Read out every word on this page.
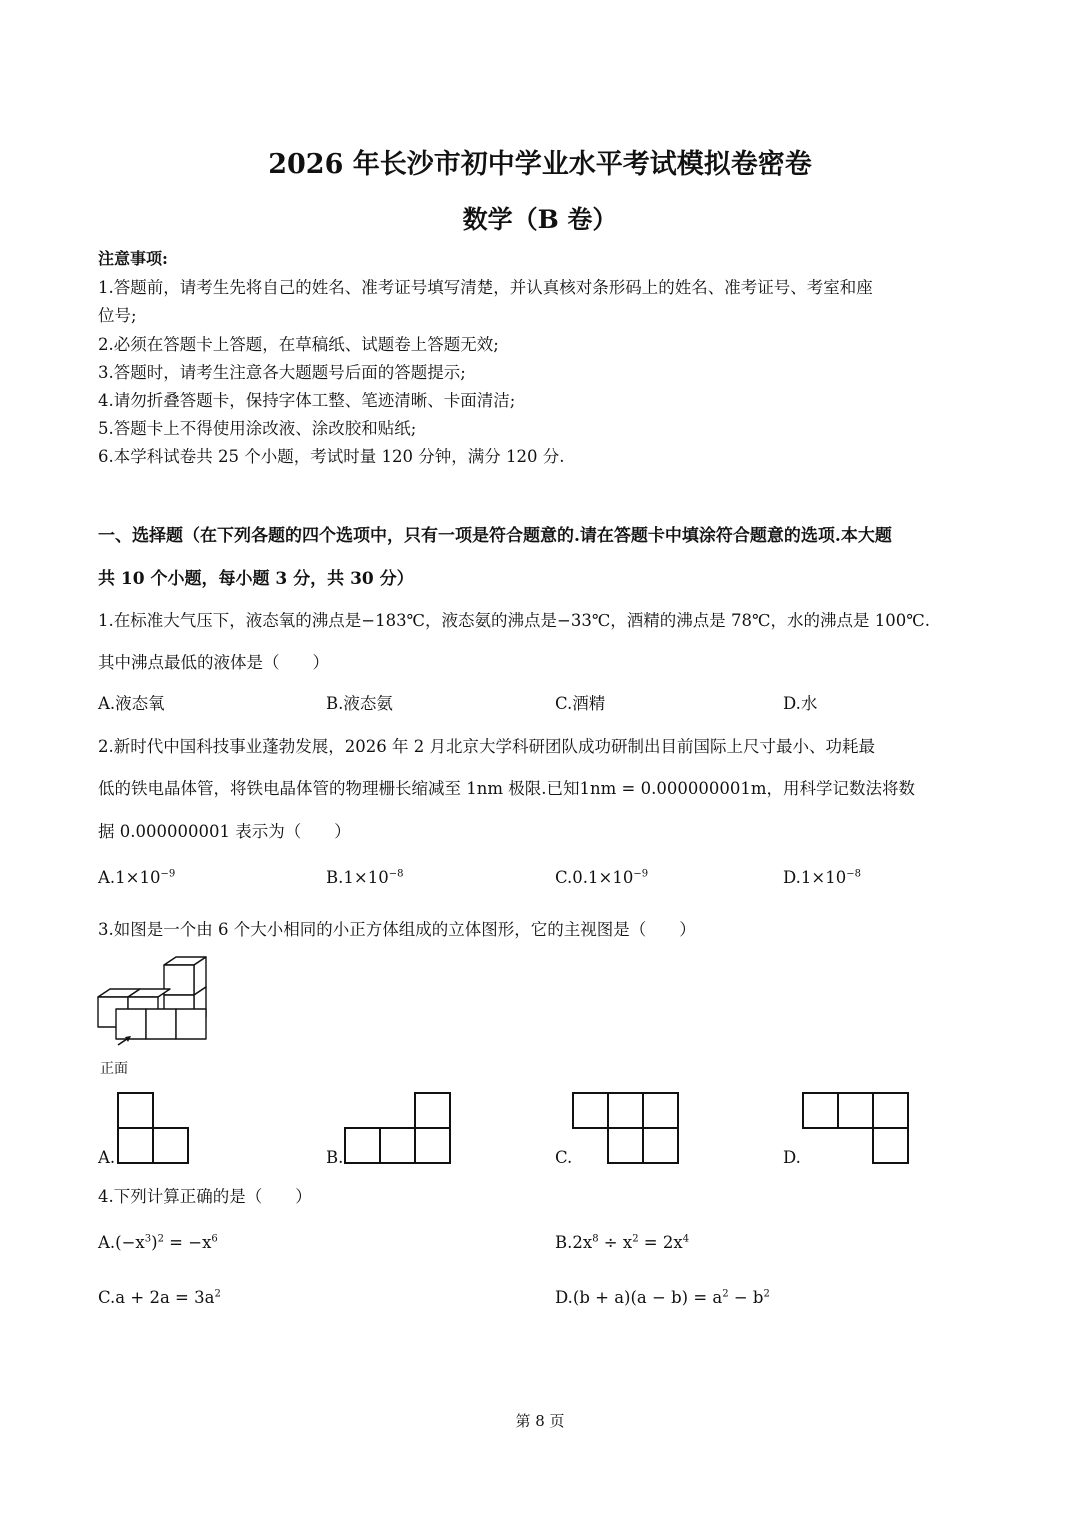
2026 年长沙市初中学业水平考试模拟卷密卷
数学（B 卷）
注意事项:
1.答题前，请考生先将自己的姓名、准考证号填写清楚，并认真核对条形码上的姓名、准考证号、考室和座
位号;
2.必须在答题卡上答题，在草稿纸、试题卷上答题无效;
3.答题时，请考生注意各大题题号后面的答题提示;
4.请勿折叠答题卡，保持字体工整、笔迹清晰、卡面清洁;
5.答题卡上不得使用涂改液、涂改胶和贴纸;
6.本学科试卷共 25 个小题，考试时量 120 分钟，满分 120 分.
一、选择题（在下列各题的四个选项中，只有一项是符合题意的.请在答题卡中填涂符合题意的选项.本大题
共 10 个小题，每小题 3 分，共 30 分）
1.在标准大气压下，液态氧的沸点是−183℃，液态氨的沸点是−33℃，酒精的沸点是 78℃，水的沸点是 100℃.
其中沸点最低的液体是（　　）
A.液态氧	B.液态氨	C.酒精	D.水
2.新时代中国科技事业蓬勃发展，2026 年 2 月北京大学科研团队成功研制出目前国际上尺寸最小、功耗最
低的铁电晶体管，将铁电晶体管的物理栅长缩减至 1nm 极限.已知1nm = 0.000000001m，用科学记数法将数
据 0.000000001 表示为（　　）
$A.1\times 10^{-9}$	$B.1\times 10^{-8}$	$C.0.1\times 10^{-9}$	$D.1\times 10^{-8}$
3.如图是一个由 6 个大小相同的小正方体组成的立体图形，它的主视图是（　　）
正面
A.	B.	C.	D.
4.下列计算正确的是（　　）
$A.(-x^3)^2 = -x^6$	$B.2x^8 \div x^2 = 2x^4$
$C.a + 2a = 3a^2$	$D.(b + a)(a - b) = a^2 - b^2$
第 8 页
